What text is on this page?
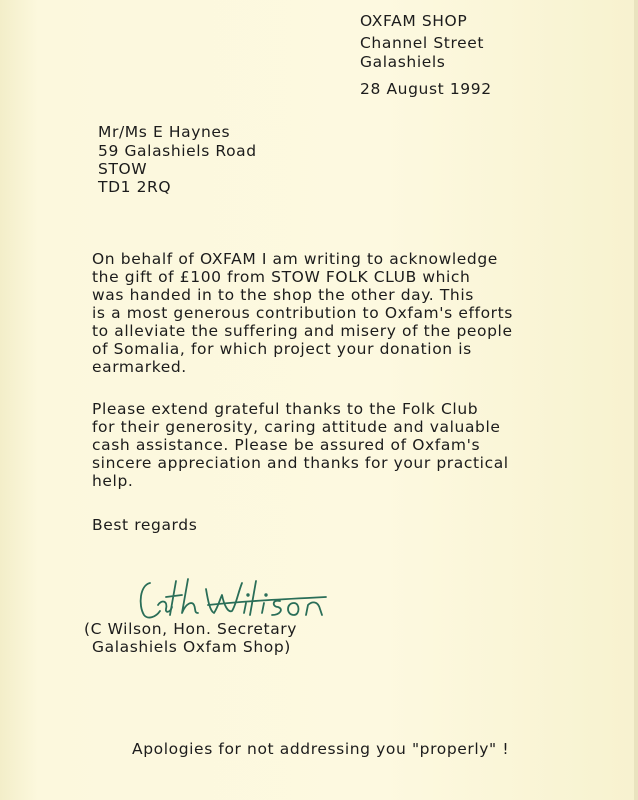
OXFAM SHOP
Channel Street
Galashiels
28 August 1992
Mr/Ms E Haynes
59 Galashiels Road
STOW
TD1 2RQ
On behalf of OXFAM I am writing to acknowledge
the gift of £100 from STOW FOLK CLUB which
was handed in to the shop the other day. This
is a most generous contribution to Oxfam's efforts
to alleviate the suffering and misery of the people
of Somalia, for which project your donation is
earmarked.
Please extend grateful thanks to the Folk Club
for their generosity, caring attitude and valuable
cash assistance. Please be assured of Oxfam's
sincere appreciation and thanks for your practical
help.
Best regards
(C Wilson, Hon. Secretary
Galashiels Oxfam Shop)
Apologies for not addressing you "properly" !
